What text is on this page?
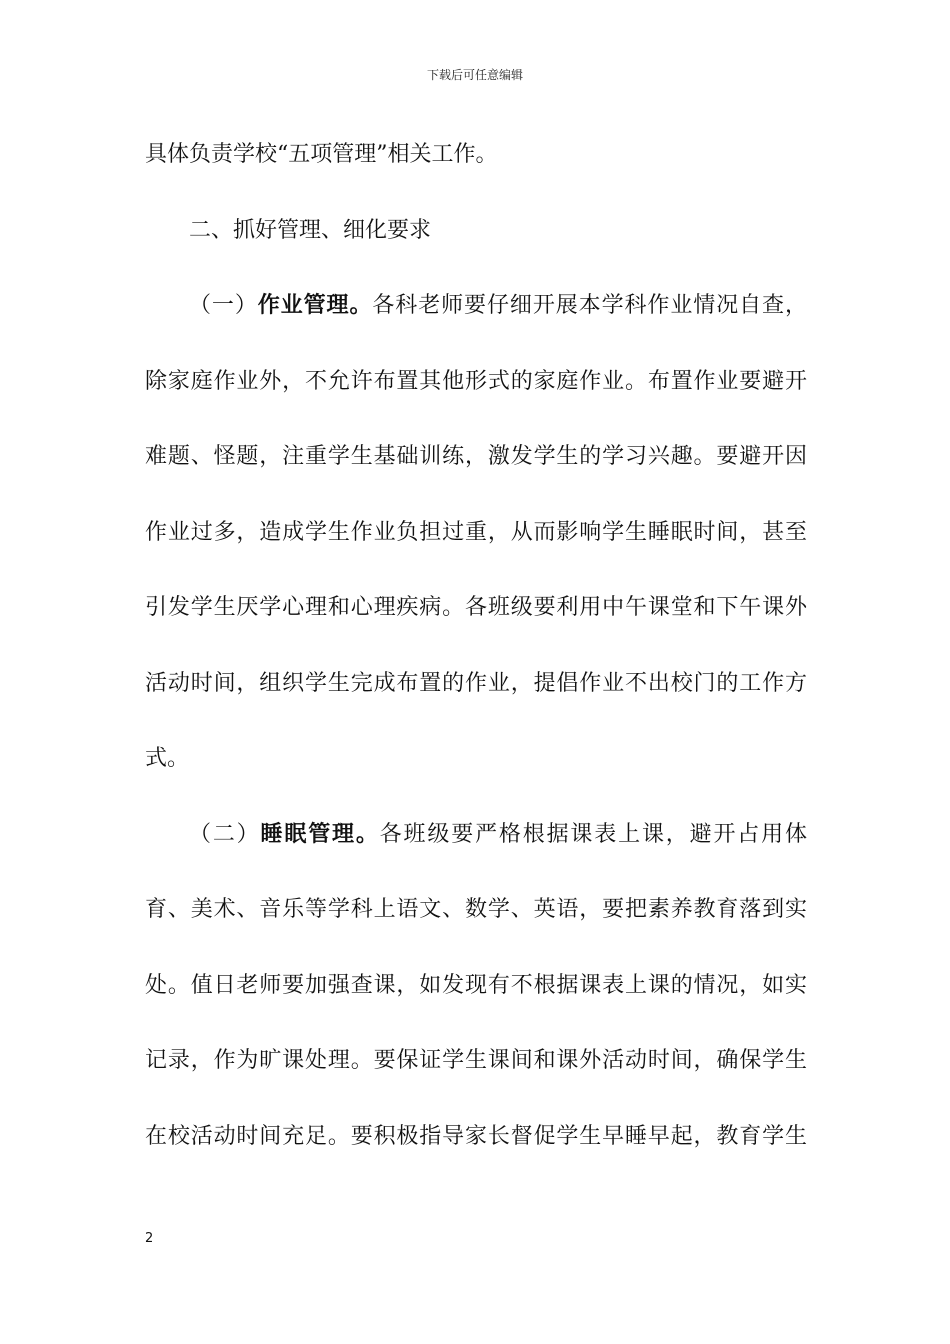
下载后可任意编辑
具体负责学校“五项管理”相关工作。
二、抓好管理、细化要求
（一）作业管理。各科老师要仔细开展本学科作业情况自查，
除家庭作业外，不允许布置其他形式的家庭作业。布置作业要避开
难题、怪题，注重学生基础训练，激发学生的学习兴趣。要避开因
作业过多，造成学生作业负担过重，从而影响学生睡眠时间，甚至
引发学生厌学心理和心理疾病。各班级要利用中午课堂和下午课外
活动时间，组织学生完成布置的作业，提倡作业不出校门的工作方
式。
（二）睡眠管理。各班级要严格根据课表上课，避开占用体
育、美术、音乐等学科上语文、数学、英语，要把素养教育落到实
处。值日老师要加强查课，如发现有不根据课表上课的情况，如实
记录，作为旷课处理。要保证学生课间和课外活动时间，确保学生
在校活动时间充足。要积极指导家长督促学生早睡早起，教育学生
2
